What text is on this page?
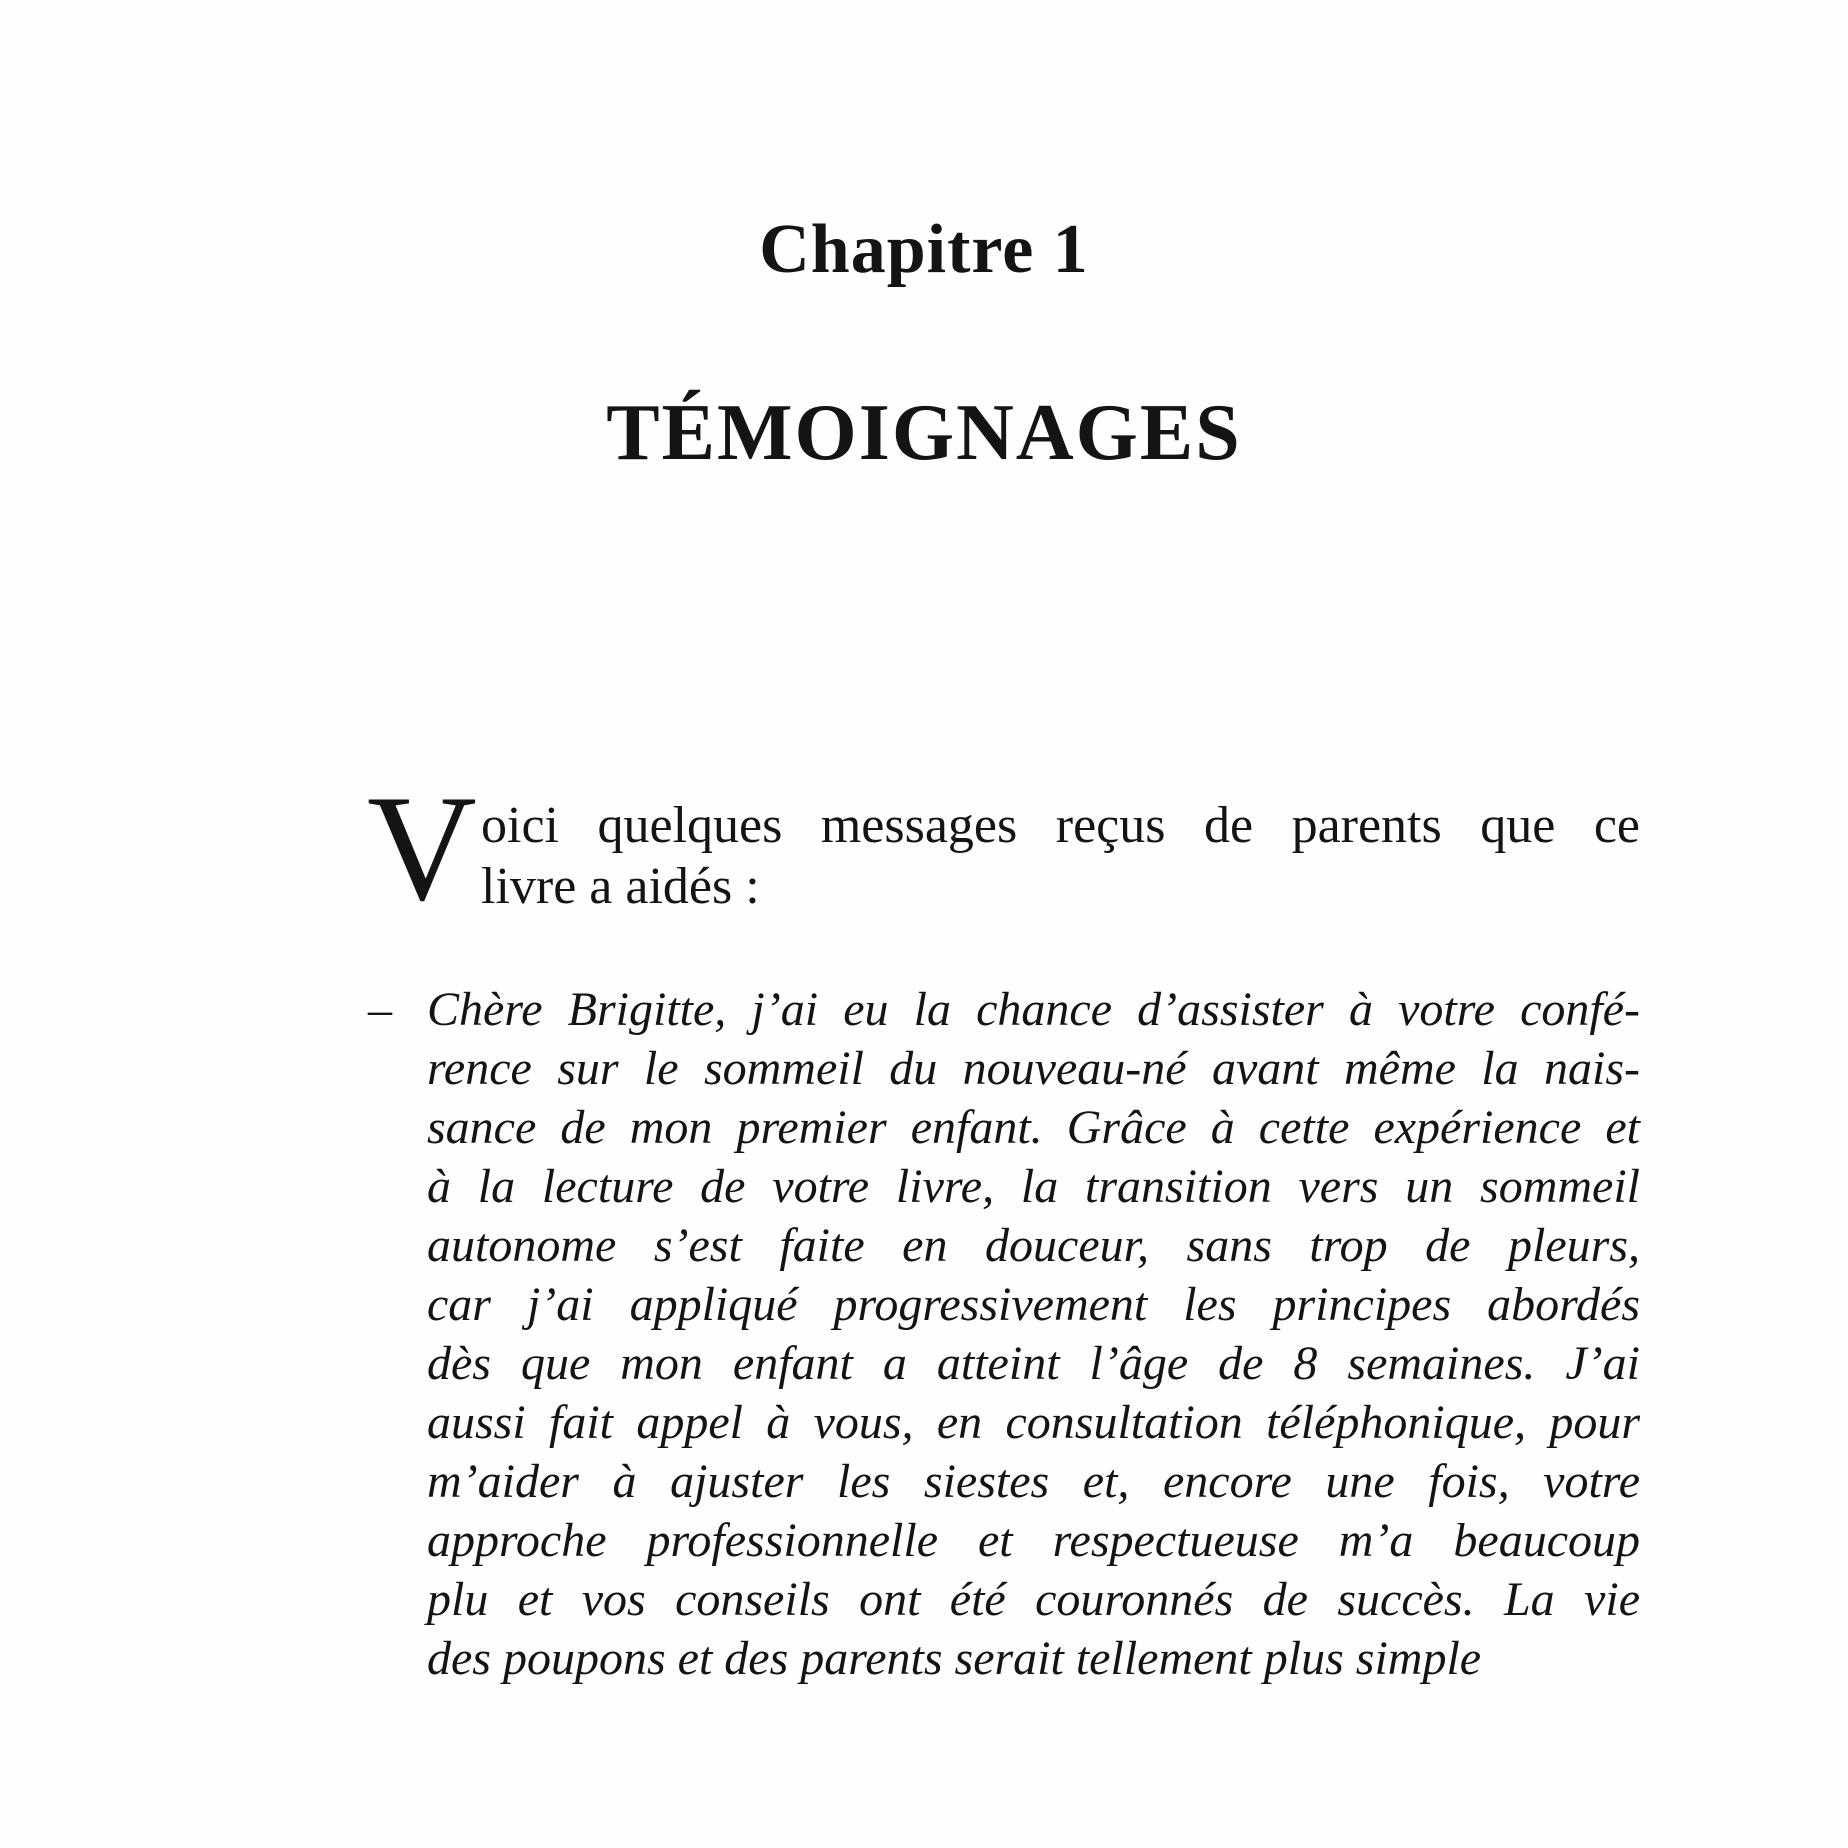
Chapitre 1
TÉMOIGNAGES
V oici quelques messages reçus de parents que ce
livre a aidés :
– Chère Brigitte, j’ai eu la chance d’assister à votre confé-
rence sur le sommeil du nouveau-né avant même la nais-
sance de mon premier enfant. Grâce à cette expérience et
à la lecture de votre livre, la transition vers un sommeil
autonome s’est faite en douceur, sans trop de pleurs,
car j’ai appliqué progressivement les principes abordés
dès que mon enfant a atteint l’âge de 8 semaines. J’ai
aussi fait appel à vous, en consultation téléphonique, pour
m’aider à ajuster les siestes et, encore une fois, votre
approche professionnelle et respectueuse m’a beaucoup
plu et vos conseils ont été couronnés de succès. La vie
des poupons et des parents serait tellement plus simple
